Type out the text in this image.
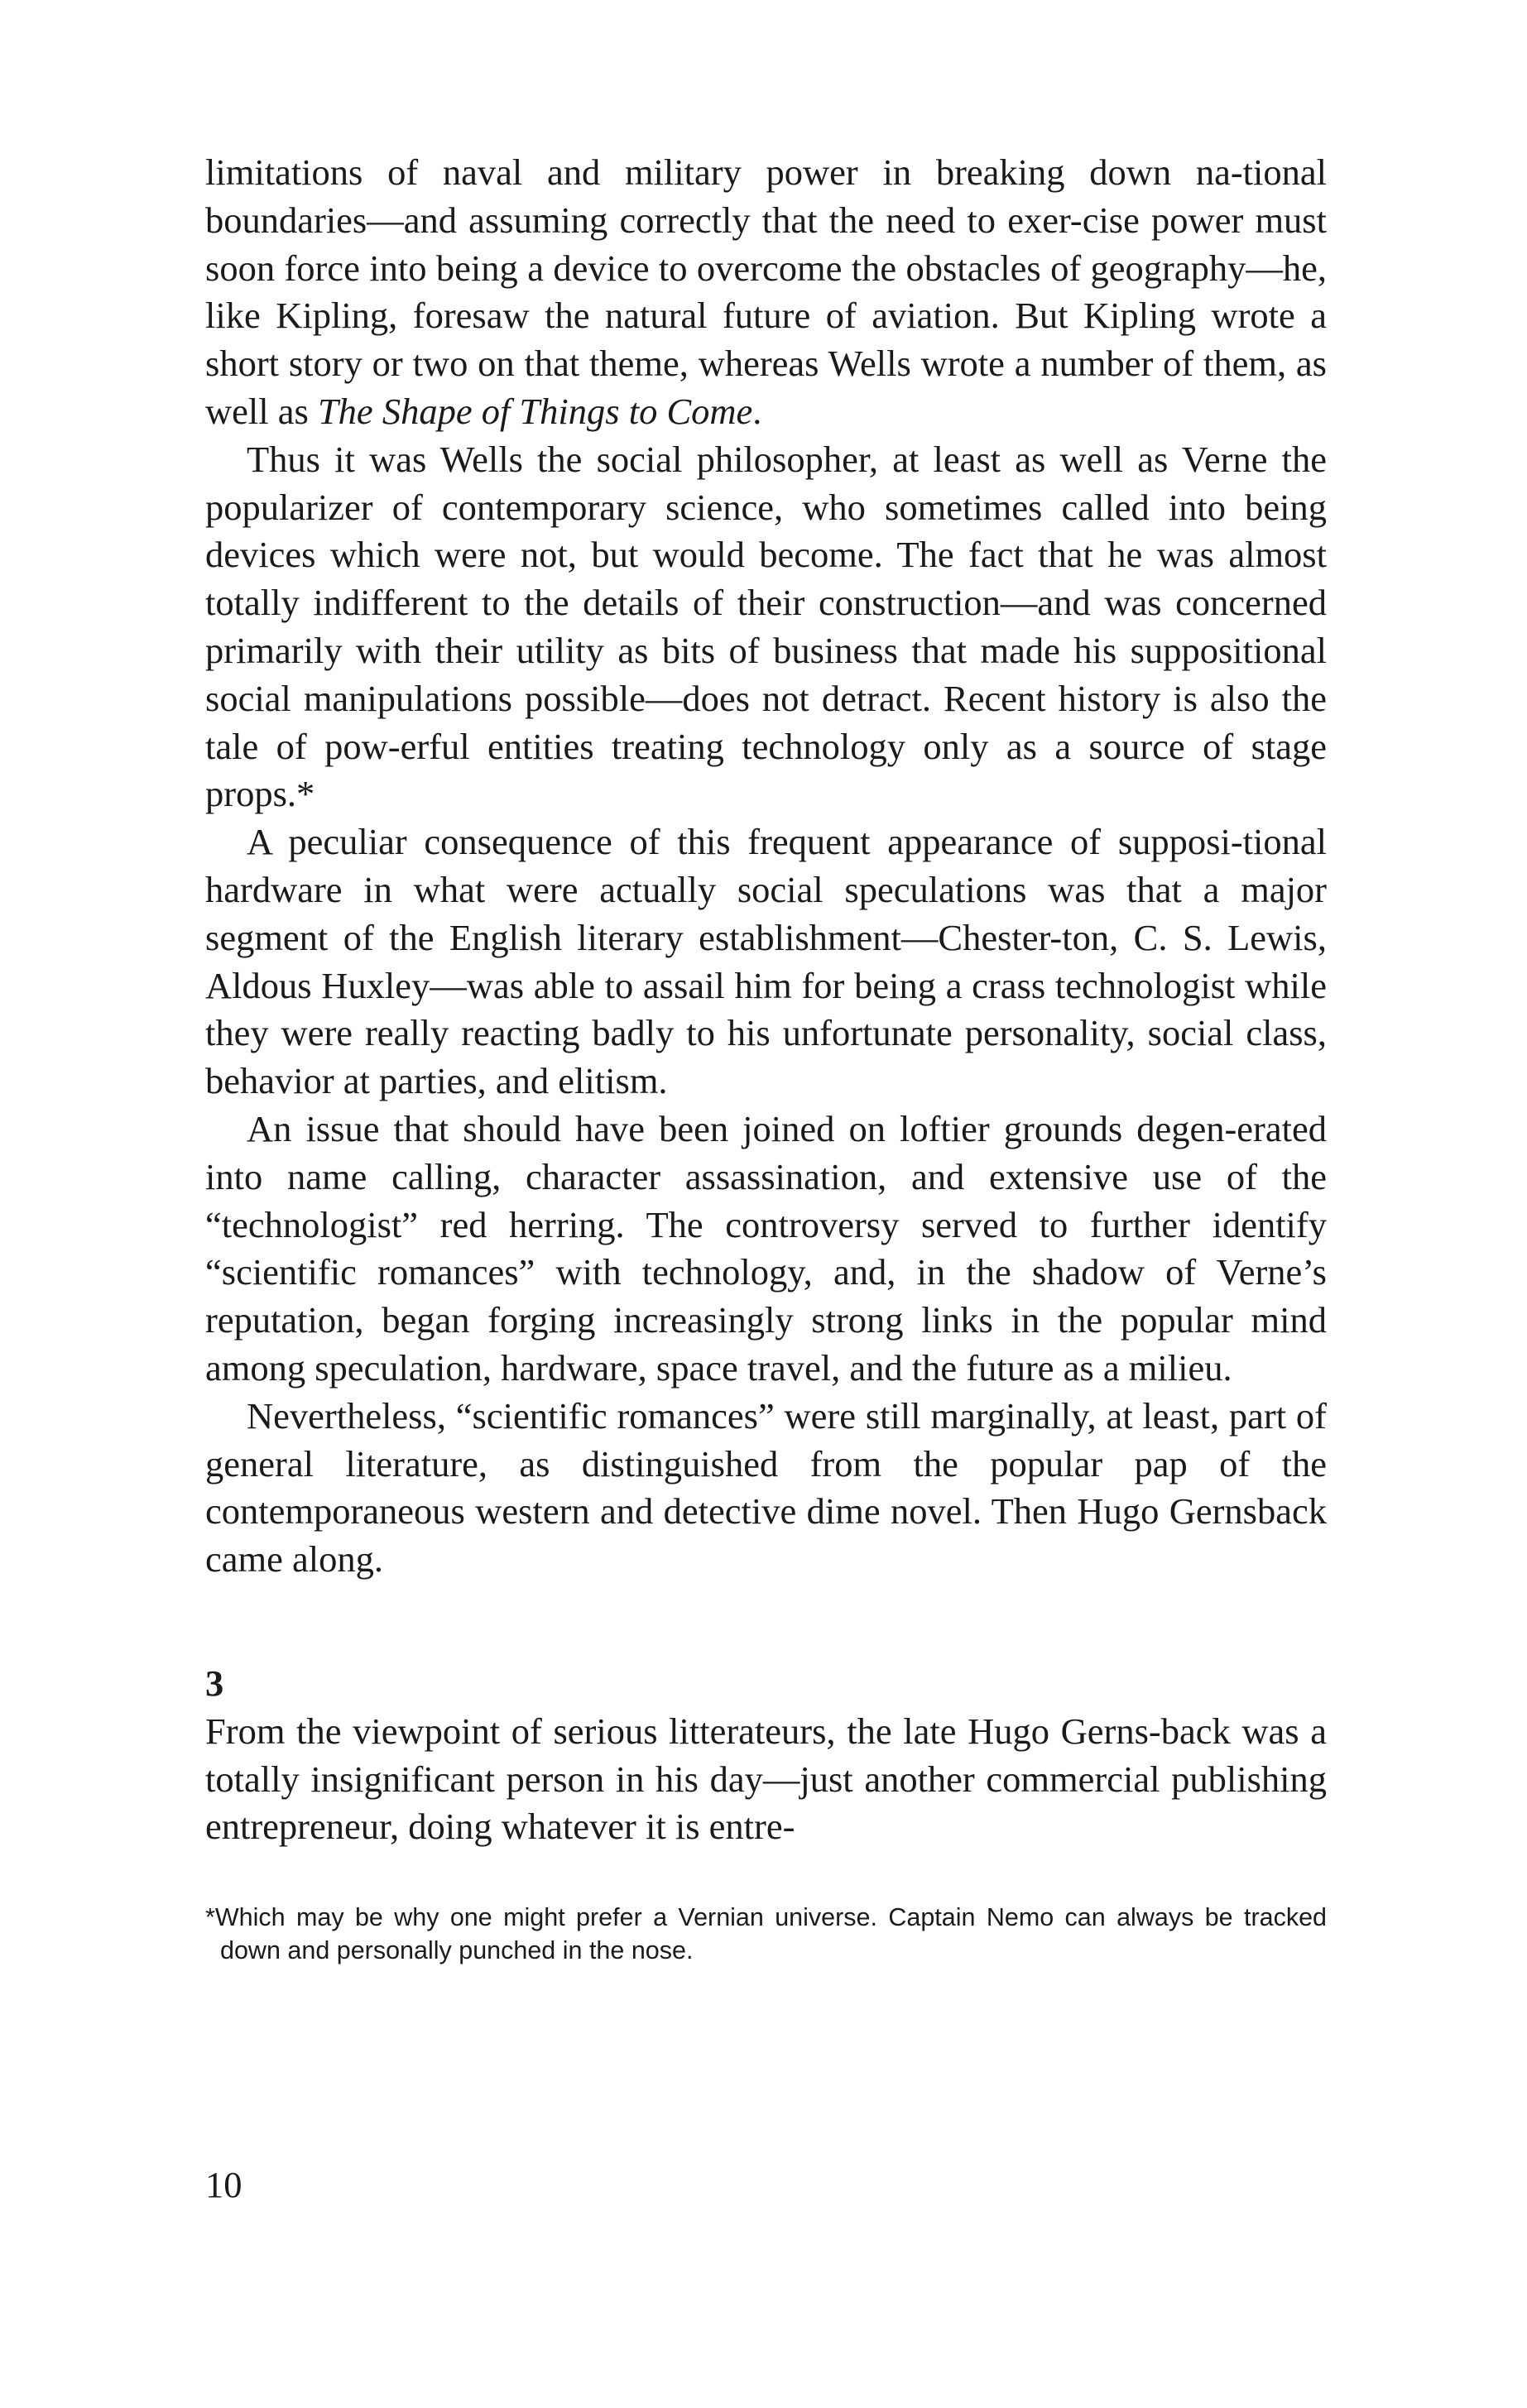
limitations of naval and military power in breaking down na-tional boundaries—and assuming correctly that the need to exer-cise power must soon force into being a device to overcome the obstacles of geography—he, like Kipling, foresaw the natural future of aviation. But Kipling wrote a short story or two on that theme, whereas Wells wrote a number of them, as well as The Shape of Things to Come.

Thus it was Wells the social philosopher, at least as well as Verne the popularizer of contemporary science, who sometimes called into being devices which were not, but would become. The fact that he was almost totally indifferent to the details of their construction—and was concerned primarily with their utility as bits of business that made his suppositional social manipulations possible—does not detract. Recent history is also the tale of pow-erful entities treating technology only as a source of stage props.*

A peculiar consequence of this frequent appearance of supposi-tional hardware in what were actually social speculations was that a major segment of the English literary establishment—Chester-ton, C. S. Lewis, Aldous Huxley—was able to assail him for being a crass technologist while they were really reacting badly to his unfortunate personality, social class, behavior at parties, and elitism.

An issue that should have been joined on loftier grounds degen-erated into name calling, character assassination, and extensive use of the “technologist” red herring. The controversy served to further identify “scientific romances” with technology, and, in the shadow of Verne’s reputation, began forging increasingly strong links in the popular mind among speculation, hardware, space travel, and the future as a milieu.

Nevertheless, “scientific romances” were still marginally, at least, part of general literature, as distinguished from the popular pap of the contemporaneous western and detective dime novel. Then Hugo Gernsback came along.

3

From the viewpoint of serious litterateurs, the late Hugo Gerns-back was a totally insignificant person in his day—just another commercial publishing entrepreneur, doing whatever it is entre-

*Which may be why one might prefer a Vernian universe. Captain Nemo can always be tracked down and personally punched in the nose.

10
